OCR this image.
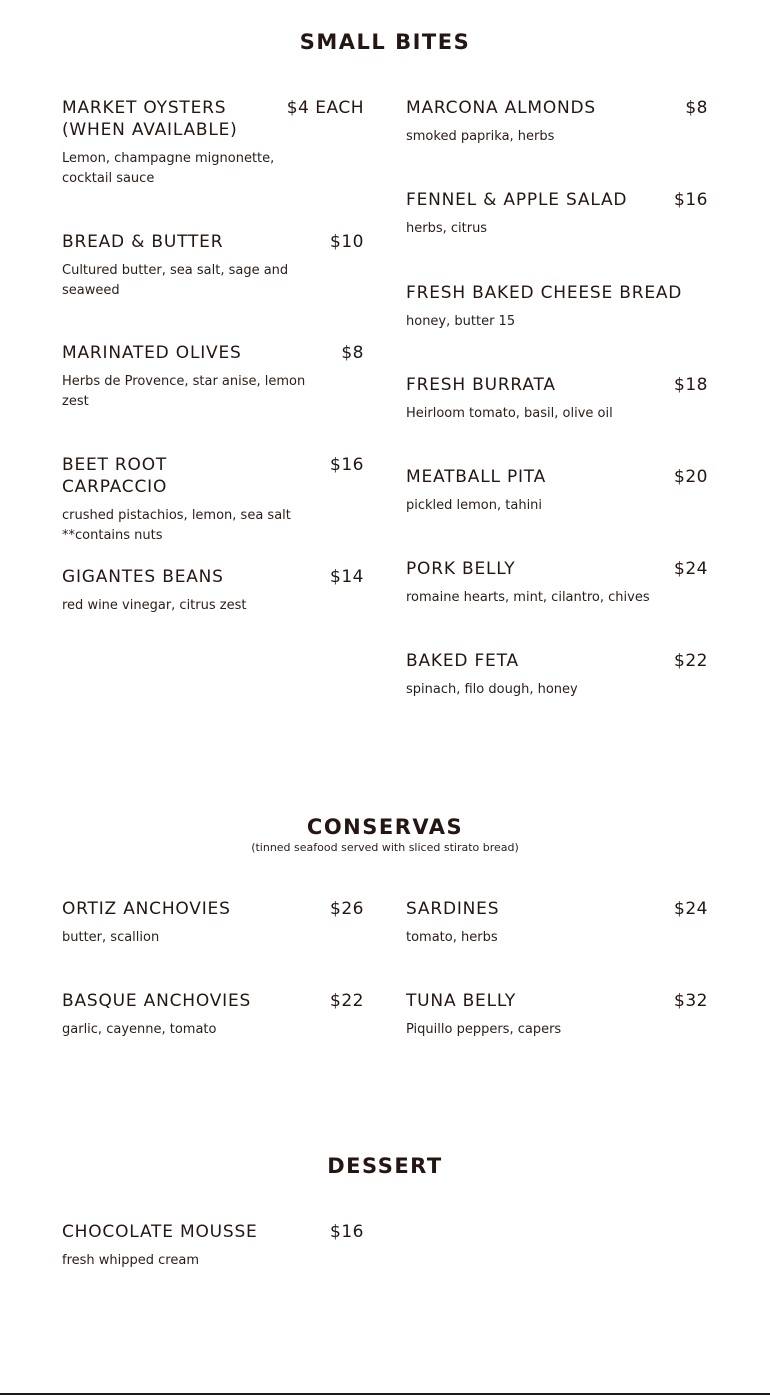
SMALL BITES
MARKET OYSTERS (WHEN AVAILABLE)
$4 EACH
Lemon, champagne mignonette, cocktail sauce
BREAD & BUTTER	$10
Cultured butter, sea salt, sage and seaweed
MARINATED OLIVES	$8
Herbs de Provence, star anise, lemon zest
BEET ROOT CARPACCIO
$16
crushed pistachios, lemon, sea salt **contains nuts
GIGANTES BEANS	$14
red wine vinegar, citrus zest
MARCONA ALMONDS	$8
smoked paprika, herbs
FENNEL & APPLE SALAD	$16
herbs, citrus
FRESH BAKED CHEESE BREAD
honey, butter 15
FRESH BURRATA	$18
Heirloom tomato, basil, olive oil
MEATBALL PITA	$20
pickled lemon, tahini
PORK BELLY	$24
romaine hearts, mint, cilantro, chives
BAKED FETA	$22
spinach, filo dough, honey
CONSERVAS
(tinned seafood served with sliced stirato bread)
ORTIZ ANCHOVIES	$26
butter, scallion
BASQUE ANCHOVIES	$22
garlic, cayenne, tomato
SARDINES	$24
tomato, herbs
TUNA BELLY	$32
Piquillo peppers, capers
DESSERT
CHOCOLATE MOUSSE	$16
fresh whipped cream
